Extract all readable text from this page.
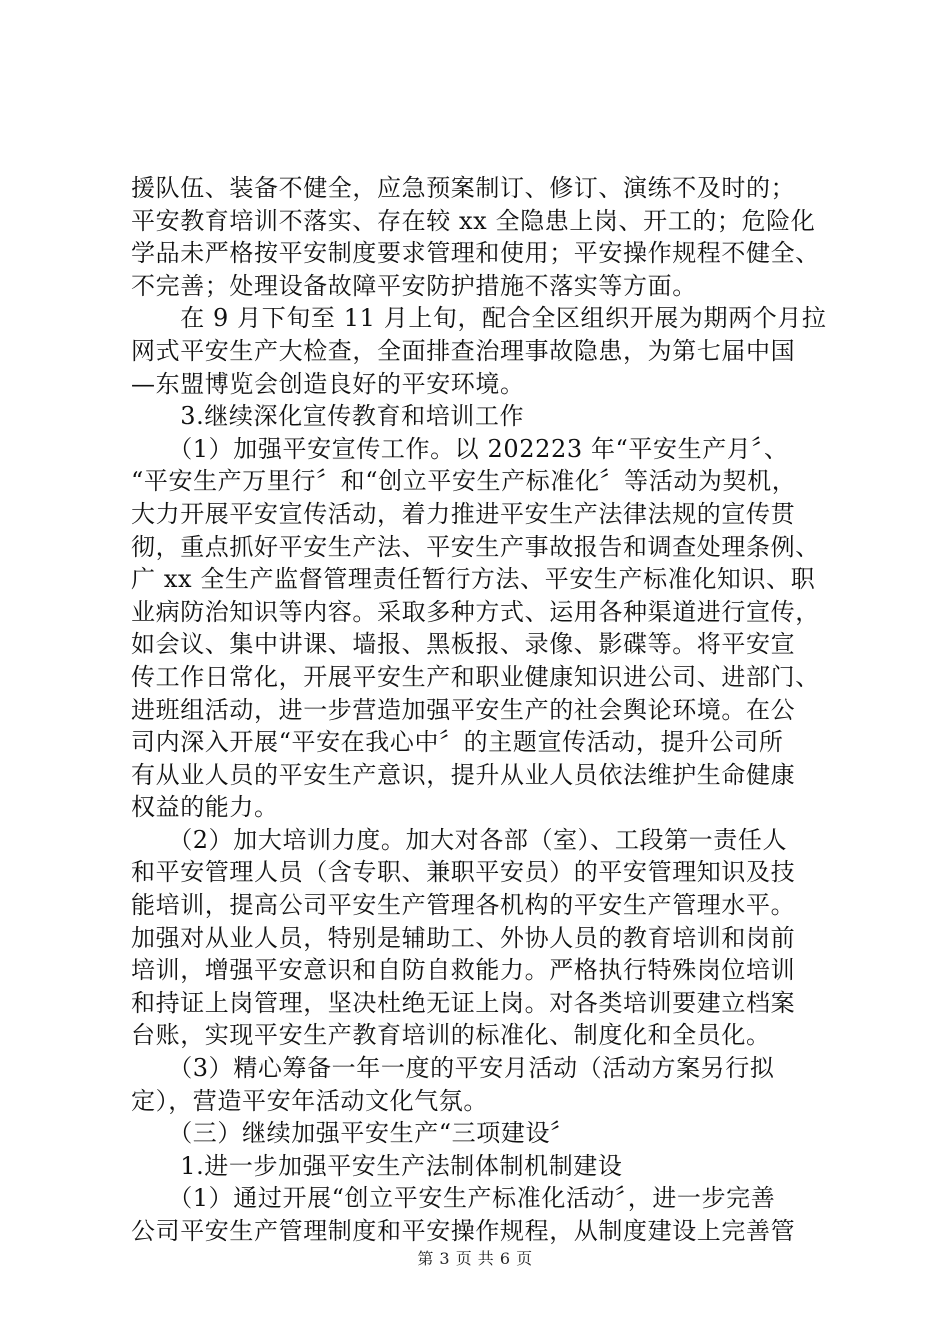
援队伍、装备不健全，应急预案制订、修订、演练不及时的；
平安教育培训不落实、存在较 xx 全隐患上岗、开工的；危险化
学品未严格按平安制度要求管理和使用；平安操作规程不健全、
不完善；处理设备故障平安防护措施不落实等方面。
　　在 9 月下旬至 11 月上旬，配合全区组织开展为期两个月拉
网式平安生产大检查，全面排查治理事故隐患，为第七届中国
—东盟博览会创造良好的平安环境。
　　3.继续深化宣传教育和培训工作
　　（1）加强平安宣传工作。以 202223 年“平安生产月〞、
“平安生产万里行〞和“创立平安生产标准化〞等活动为契机，
大力开展平安宣传活动，着力推进平安生产法律法规的宣传贯
彻，重点抓好平安生产法、平安生产事故报告和调查处理条例、
广 xx 全生产监督管理责任暂行方法、平安生产标准化知识、职
业病防治知识等内容。采取多种方式、运用各种渠道进行宣传，
如会议、集中讲课、墙报、黑板报、录像、影碟等。将平安宣
传工作日常化，开展平安生产和职业健康知识进公司、进部门、
进班组活动，进一步营造加强平安生产的社会舆论环境。在公
司内深入开展“平安在我心中〞的主题宣传活动，提升公司所
有从业人员的平安生产意识，提升从业人员依法维护生命健康
权益的能力。
　　（2）加大培训力度。加大对各部（室）、工段第一责任人
和平安管理人员（含专职、兼职平安员）的平安管理知识及技
能培训，提高公司平安生产管理各机构的平安生产管理水平。
加强对从业人员，特别是辅助工、外协人员的教育培训和岗前
培训，增强平安意识和自防自救能力。严格执行特殊岗位培训
和持证上岗管理，坚决杜绝无证上岗。对各类培训要建立档案
台账，实现平安生产教育培训的标准化、制度化和全员化。
　　（3）精心筹备一年一度的平安月活动（活动方案另行拟
定），营造平安年活动文化气氛。
　　（三）继续加强平安生产“三项建设〞
　　1.进一步加强平安生产法制体制机制建设
　　（1）通过开展“创立平安生产标准化活动〞，进一步完善
公司平安生产管理制度和平安操作规程，从制度建设上完善管
第 3 页 共 6 页
